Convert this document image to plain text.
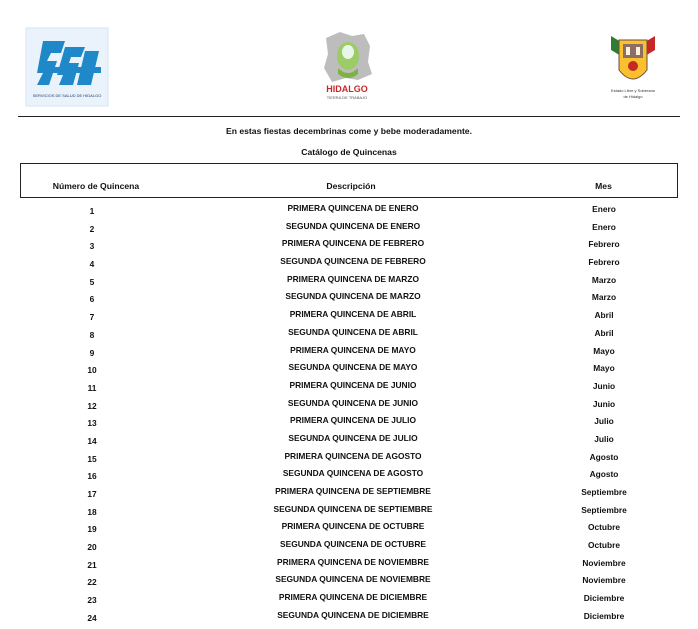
SERVICIOS DE SALUD DE HIDALGO
HIDALGO
TIERRA DE TRABAJO
Estado Libre y Soberano
de Hidalgo
En estas fiestas decembrinas come y bebe moderadamente.
Catálogo de Quincenas
Número de Quincena	Descripción	Mes
1	PRIMERA QUINCENA DE ENERO	Enero
2	SEGUNDA QUINCENA DE ENERO	Enero
3	PRIMERA QUINCENA DE FEBRERO	Febrero
4	SEGUNDA QUINCENA DE FEBRERO	Febrero
5	PRIMERA QUINCENA DE MARZO	Marzo
6	SEGUNDA QUINCENA DE MARZO	Marzo
7	PRIMERA QUINCENA DE ABRIL	Abril
8	SEGUNDA QUINCENA DE ABRIL	Abril
9	PRIMERA QUINCENA DE MAYO	Mayo
10	SEGUNDA QUINCENA DE MAYO	Mayo
11	PRIMERA QUINCENA DE JUNIO	Junio
12	SEGUNDA QUINCENA DE JUNIO	Junio
13	PRIMERA QUINCENA DE JULIO	Julio
14	SEGUNDA QUINCENA DE JULIO	Julio
15	PRIMERA QUINCENA DE AGOSTO	Agosto
16	SEGUNDA QUINCENA DE AGOSTO	Agosto
17	PRIMERA QUINCENA DE SEPTIEMBRE	Septiembre
18	SEGUNDA QUINCENA DE SEPTIEMBRE	Septiembre
19	PRIMERA QUINCENA DE OCTUBRE	Octubre
20	SEGUNDA QUINCENA DE OCTUBRE	Octubre
21	PRIMERA QUINCENA DE NOVIEMBRE	Noviembre
22	SEGUNDA QUINCENA DE NOVIEMBRE	Noviembre
23	PRIMERA QUINCENA DE DICIEMBRE	Diciembre
24	SEGUNDA QUINCENA DE DICIEMBRE	Diciembre
